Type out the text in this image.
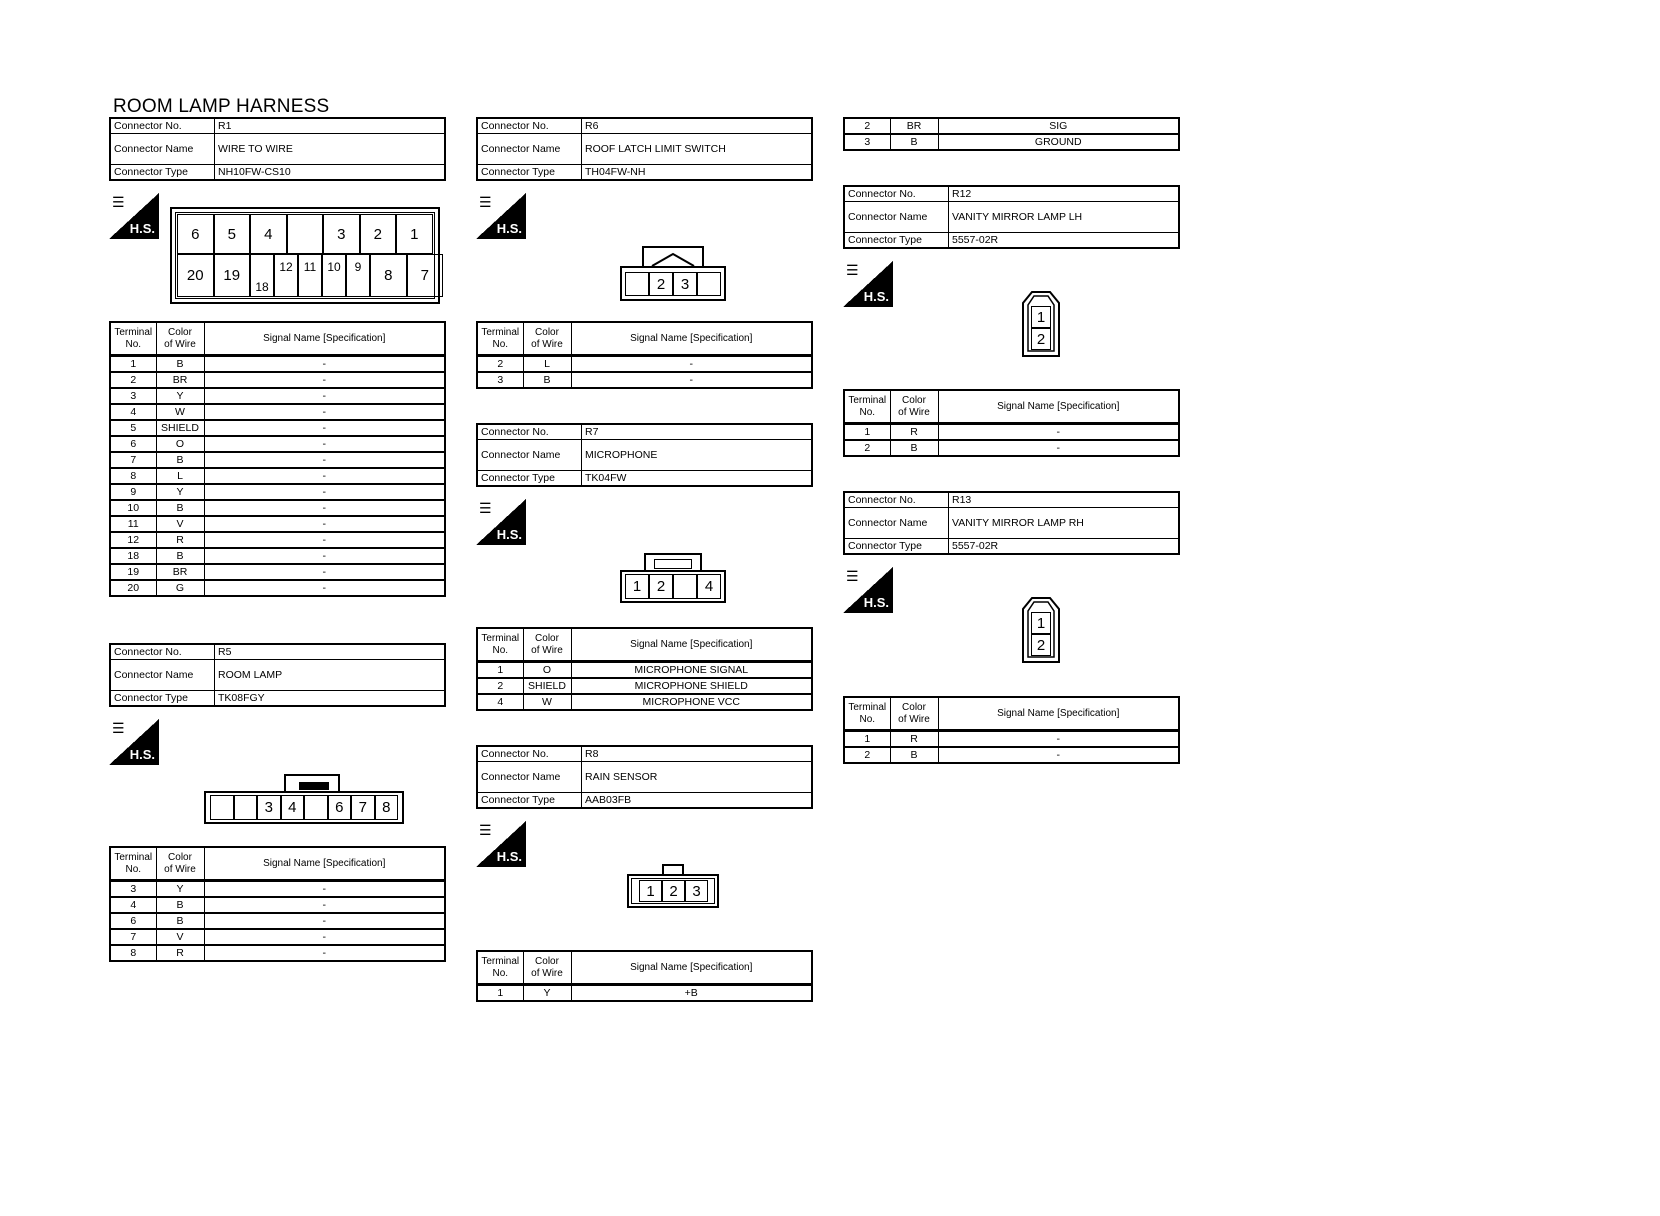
ROOM LAMP HARNESS
Connector No.	R1
Connector Name	WIRE TO WIRE
Connector Type	NH10FW-CS10
☰
H.S.	6	5	4	3	2	1
20	19
18
12 11 10	9	8	7
Terminal
No.	Color
of Wire	Signal Name [Specification]
1	B	-
2	BR	-
3	Y	-
4	W	-
5	SHIELD	-
6	O	-
7	B	-
8	L	-
9	Y	-
10	B	-
11	V	-
12	R	-
18	B	-
19	BR	-
20	G	-
Connector No.	R5
Connector Name	ROOM LAMP
Connector Type	TK08FGY
☰
H.S.
3	4	6	7	8
Terminal
No.	Color
of Wire	Signal Name [Specification]
3	Y	-
4	B	-
6	B	-
7	V	-
8	R	-
Connector No.	R6
Connector Name	ROOF LATCH LIMIT SWITCH
Connector Type	TH04FW-NH
☰
H.S.
2	3
Terminal
No.	Color
of Wire	Signal Name [Specification]
2	L	-
3	B	-
Connector No.	R7
Connector Name	MICROPHONE
Connector Type	TK04FW
☰
H.S.
1	2	4
Terminal
No.	Color
of Wire	Signal Name [Specification]
1	O	MICROPHONE SIGNAL
2	SHIELD	MICROPHONE SHIELD
4	W	MICROPHONE VCC
Connector No.	R8
Connector Name	RAIN SENSOR
Connector Type	AAB03FB
☰
H.S.
1 2 3
Terminal
No.	Color
of Wire	Signal Name [Specification]
1	Y	+B
2	BR	SIG
3	B	GROUND
Connector No.	R12
Connector Name	VANITY MIRROR LAMP LH
Connector Type	5557-02R
☰
H.S.
1
2
Terminal
No.	Color
of Wire	Signal Name [Specification]
1	R	-
2	B	-
Connector No.	R13
Connector Name	VANITY MIRROR LAMP RH
Connector Type	5557-02R
☰
H.S.
1
2
Terminal
No.	Color
of Wire	Signal Name [Specification]
1	R	-
2	B	-
